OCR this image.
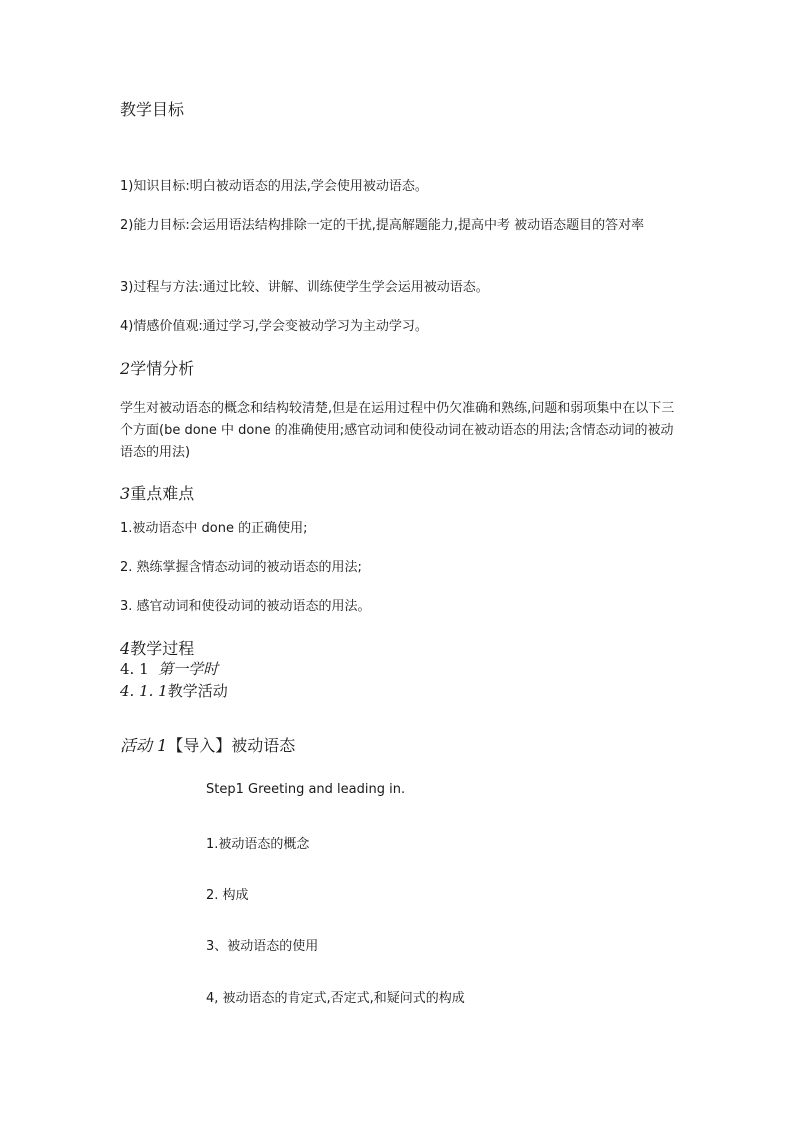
教学目标

1)知识目标:明白被动语态的用法,学会使用被动语态。

2)能力目标:会运用语法结构排除一定的干扰,提高解题能力,提高中考 被动语态题目的答对率

3)过程与方法:通过比较、讲解、训练使学生学会运用被动语态。

4)情感价值观:通过学习,学会变被动学习为主动学习。

2学情分析

学生对被动语态的概念和结构较清楚,但是在运用过程中仍欠准确和熟练,问题和弱项集中在以下三个方面(be done 中 done 的准确使用;感官动词和使役动词在被动语态的用法;含情态动词的被动语态的用法)

3重点难点

1.被动语态中 done 的正确使用;

2. 熟练掌握含情态动词的被动语态的用法;

3. 感官动词和使役动词的被动语态的用法。

4教学过程

4. 1 第一学时

4. 1. 1教学活动

活动 1【导入】被动语态

Step1 Greeting and leading in.

1.被动语态的概念

2. 构成

3、被动语态的使用

4, 被动语态的肯定式,否定式,和疑问式的构成
